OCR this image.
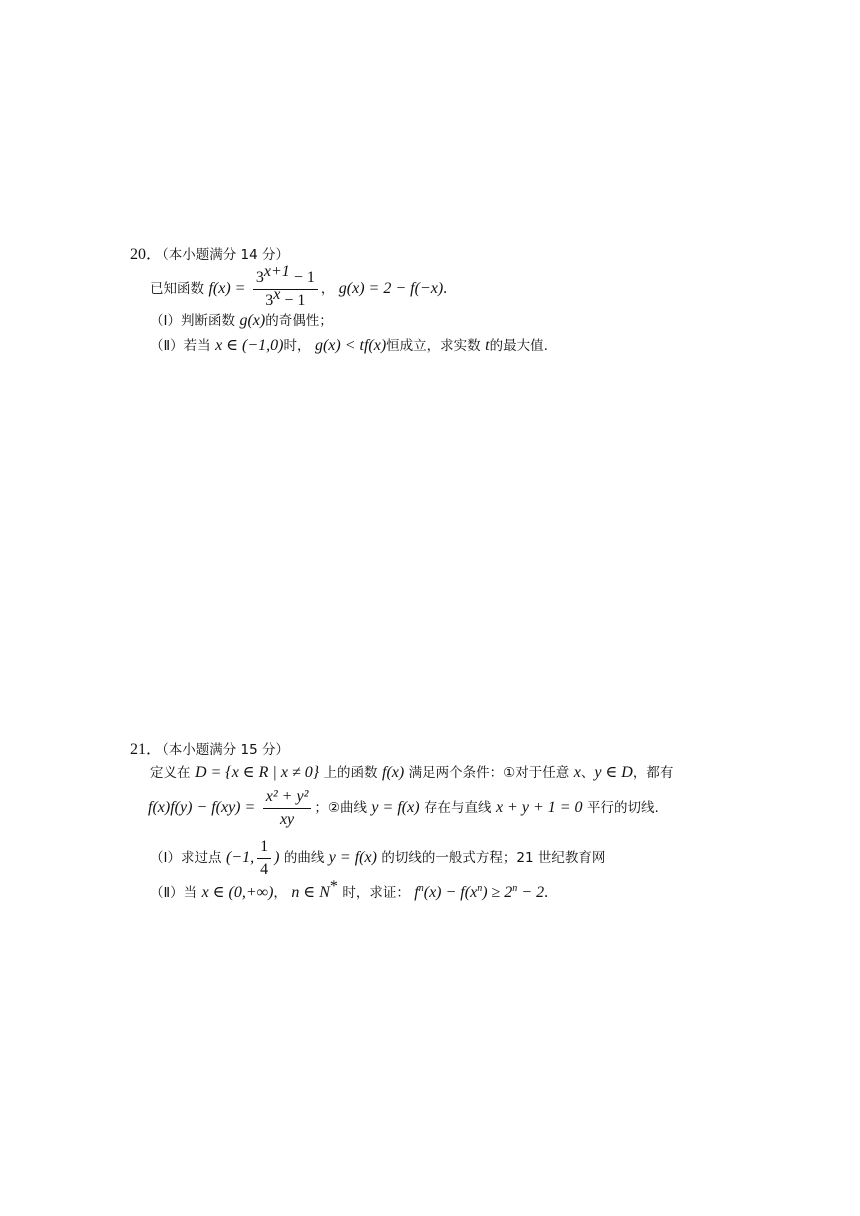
20．（本小题满分 14 分）
已知函数 $f(x) = \frac{3^{x+1} - 1}{3^x - 1}$ ， g(x) = 2 − f(−x).
（Ⅰ）判断函数 g(x)的奇偶性；
（Ⅱ）若当 x ∈ (−1,0)时， g(x) < tf(x)恒成立，求实数 t的最大值.
21．（本小题满分 15 分）
定义在 D = {x ∈ R | x ≠ 0} 上的函数 f(x) 满足两个条件：①对于任意 x、y ∈ D，都有
$f(x)f(y) - f(xy) = \frac{\text{x² + y²}}{xy}$ ；②曲线 y = f(x) 存在与直线 x + y + 1 = 0 平行的切线.
（Ⅰ）求过点 (−1, $\frac{1}{4}$ ) 的曲线 y = f(x) 的切线的一般式方程；21 世纪教育网
（Ⅱ）当 x ∈ (0,+∞)， n ∈ N* 时，求证： $f^n(x) - f(x^n) \ge 2^n - 2$.
